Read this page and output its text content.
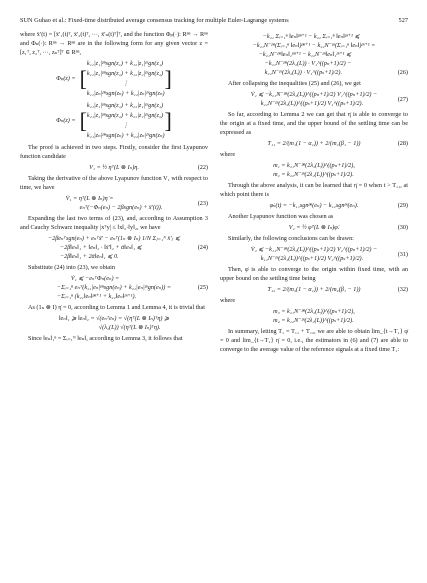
SUN Guhao et al.: Fixed-time distributed average consensus tracking for multiple Euler-Lagrange systems	527

where ẍ′(t) = [ẍ′₁(t)ᵀ, ẍ′₂(t)ᵀ, ···, ẍ′ₙ(t)ᵀ]ᵀ, and the function Φₚ(·): Rⁿⁿ → Rⁿⁿ and Φₙ(·): Rⁿⁿ → Rⁿⁿ are in the following form for any given vector z = [z₁ᵀ, z₂ᵀ, ···, zₙᵀ]ᵀ ∈ Rⁿⁿ,

Φₚ(z) = [
k₁₁|z₁|ᵖⁿsgn(z₁) + k₁₂|z₁|ᵖˢgn(z₁)
k₁₁|z₂|ᵖⁿsgn(z₂) + k₁₂|z₂|ᵖˢgn(z₂)
⋮
k₁₁|zₙ|ᵖⁿsgn(zₙ) + k₁₂|zₙ|ᵖˢgn(zₙ)
]
Φₙ(z) = [
k₂₁|z₁|ᵖⁿsgn(z₁) + k₂₂|z₁|ᵖˢgn(z₁)
k₂₁|z₂|ᵖⁿsgn(z₂) + k₂₂|z₂|ᵖˢgn(z₂)
⋮
k₂₁|zₙ|ᵖⁿsgn(zₙ) + k₂₂|zₙ|ᵖˢgn(zₙ)
]

The proof is achieved in two steps. Firstly, consider the first Lyapunov function candidate

V₁ = ½ ηᵀ(L ⊗ Iₙ)η.	(22)

Taking the derivative of the above Lyapunov function V₁ with respect to time, we have

V̇₁ = ηᵀ(L ⊗ Iₙ)η̇ =
eₙᵀ(−Φₙ(eₙ) − 2βsgn(eₙ) + ẍ′(t)).
(23)

Expanding the last two terms of (23), and, according to Assumption 3 and Cauchy Schwarz inequality |xᵀy| ≤ ‖x‖₂·‖y‖₂, we have

−2βeₙᵀsgn(eₙ) + eₙᵀẍ′ − eₙᵀ(1ₙ ⊗ Iₙ) 1/N Σⱼ₌₁ᴺ ẍ′ⱼ ⩽
−2β‖eₙ‖₁ + ‖eₙ‖₂ · ‖ẍ′‖₂ + ᾱ‖eₙ‖₁ ⩽
−2β‖eₙ‖₁ + 2ᾱ‖eₙ‖₁ ⩽ 0.
(24)

Substitute (24) into (23), we obtain

V̇₁ ⩽ −eₙᵀΦₙ(eₙ) =
−Σᵢ₌₁ⁿ eₙᵀ(k₂₁|eₙ|ᵖⁿsgn(eₙ) + k₂₂|eₙ|ᵖˢgn(eₙ)) =
−Σᵢ₌₁ⁿ (k₂₁‖eₙ‖ᵖⁿ⁺¹ + k₂₂‖eₙ‖ᵖˢ⁺¹).
(25)

As (1ₙ ⊗ I) η̇ = 0, according to Lemma 1 and Lemma 4, it is trivial that

‖eₙ‖₁ ⩾ ‖eₙ‖₂ = √(eₙᵀeₙ) = √(ηᵀ(L ⊗ Iₙ)ᵀη) ⩾
√(λ₂(L)) √(ηᵀ(L ⊗ Iₙ)ᵀη).

Since ‖eₙ‖₁ⁿ = Σᵢ₌₁ᴺ ‖eₙ‖, according to Lemma 3, it follows that

−k₂₁ Σᵢ₌₁ⁿ ‖eₙ‖ᵖⁿ⁺¹ − k₂₂ Σᵢ₌₁ⁿ ‖eₙ‖ᵖˢ⁺¹ ⩽
−k₂₁N⁻ᵖⁿ(Σᵢ₌₁ⁿ ‖eₙ‖)ᵖⁿ⁺¹ − k₂₂N⁻ᵖˢ(Σᵢ₌₁ⁿ ‖eₙ‖)ᵖˢ⁺¹ =
−k₂₁N⁻ᵖⁿ‖eₙ‖₁ᵖⁿ⁺¹ − k₂₂N⁻ᵖˢ‖eₙ‖₁ᵖˢ⁺¹ ⩽
−k₂₁N⁻ᵖⁿ(2λ₂(L)) · V₁^((pₙ+1)/2) −
k₂₂N⁻ᵖˢ(2λ₂(L)) · V₁^((pₛ+1)/2).	(26)

After collapsing the inequalities (25) and (26), we get

V̇₁ ⩽ −k₂₁N⁻ᵖⁿ(2λ₂(L))^((pₙ+1)/2) V₁^((pₙ+1)/2) −
k₂₂N⁻ᵖˢ(2λ₂(L))^((pₛ+1)/2) V₁^((pₛ+1)/2).
(27)

So far, according to Lemma 2 we can get that η̇ is able to converge to the origin at a fixed time, and the upper bound of the settling time can be expressed as

T₁₁ = 2/(m₁(1 − α₁)) + 2/(m₂(β₁ − 1))	(28)

where

m₁ = k₂₁N⁻ᵖⁿ(2λ₂(L))^((pₙ+1)/2),
m₂ = k₂₂N⁻ᵖˢ(2λ₂(L))^((pₛ+1)/2).

Through the above analysis, it can be learned that η̇ = 0 when t > T₁₁, at which point there is

φ̇ₙ(t) = −k₁₁sgnᵖⁿ(eₙ) − k₁₂sgnᵖˢ(eₙ).	(29)

Another Lyapunov function was chosen as

V₂ = ½ φ̇ᵀ(L ⊗ Iₙ)φ̇.	(30)

Similarly, the following conclusions can be drawn:

V̇₂ ⩽ −k₁₁N⁻ᵖⁿ(2λ₂(L))^((pₙ+1)/2) V₂^((pₙ+1)/2) −
k₁₂N⁻ᵖˢ(2λ₂(L))^((pₛ+1)/2) V₂^((pₛ+1)/2).
(31)

Then, φ̇ is able to converge to the origin within fixed time, with an upper bound on the settling time being

T₁₂ = 2/(m₃(1 − α₁)) + 2/(m₄(β₁ − 1))	(32)

where

m₃ = k₁₁N⁻ᵖⁿ(2λ₂(L))^((pₙ+1)/2),
m₄ = k₁₂N⁻ᵖˢ(2λ₂(L))^((pₛ+1)/2).

In summary, letting T₁ = T₁₁ + T₁₂, we are able to obtain lim_{t→T₁} φ̇ = 0 and lim_{t→T₁} η̇ = 0, i.e., the estimators in (6) and (7) are able to converge to the average value of the reference signals at a fixed time T₁:
